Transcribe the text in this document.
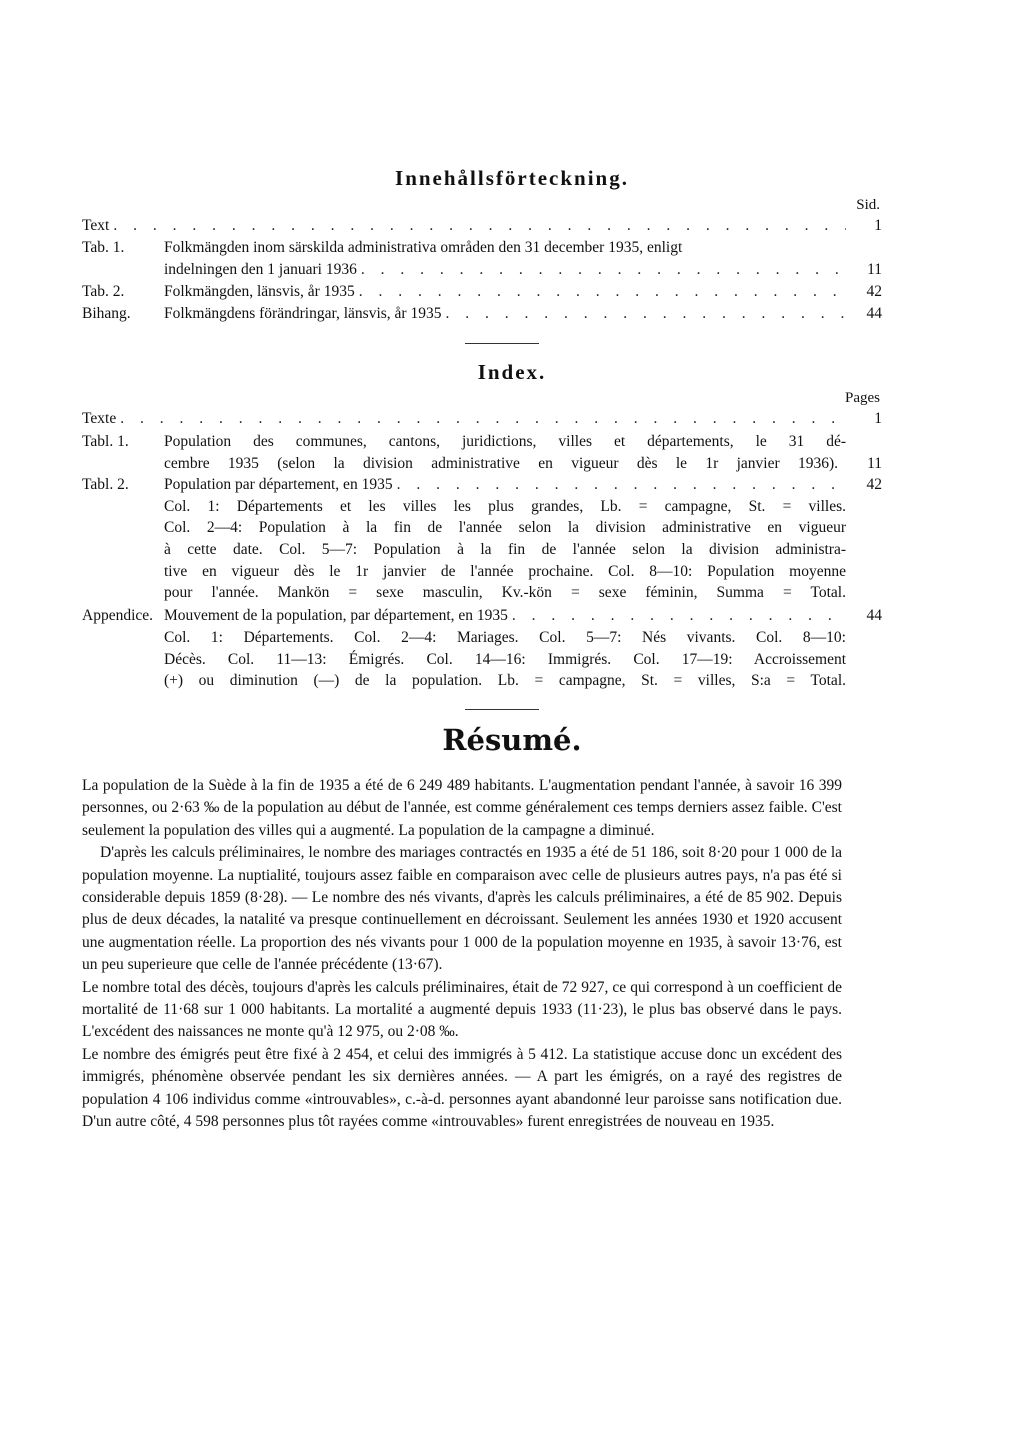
Innehållsförteckning.
Sid.
Text . . .	1
Tab. 1.	Folkmängden inom särskilda administrativa områden den 31 december 1935, enligt
indelningen den 1 januari 1936 . . .	11
Tab. 2.	Folkmängden, länsvis, år 1935 . . .	42
Bihang. Folkmängdens förändringar, länsvis, år 1935 . . .	44
Index.
Pages
Texte . . .	1
Tabl. 1. Population des communes, cantons, juridictions, villes et départements, le 31 dé-
cembre 1935 (selon la division administrative en vigueur dès le 1r janvier 1936).	11
Tabl. 2. Population par département, en 1935 . . .	42
Col. 1: Départements et les villes les plus grandes, Lb. = campagne, St. = villes.
Col. 2—4: Population à la fin de l'année selon la division administrative en vigueur
à cette date. Col. 5—7: Population à la fin de l'année selon la division administra-
tive en vigueur dès le 1r janvier de l'année prochaine. Col. 8—10: Population moyenne
pour l'année. Mankön = sexe masculin, Kv.-kön = sexe féminin, Summa = Total.
Appendice. Mouvement de la population, par département, en 1935 . . .	44
Col. 1: Départements. Col. 2—4: Mariages. Col. 5—7: Nés vivants. Col. 8—10:
Décès. Col. 11—13: Émigrés. Col. 14—16: Immigrés. Col. 17—19: Accroissement
(+) ou diminution (—) de la population. Lb. = campagne, St. = villes, S:a = Total.
Résumé.

La population de la Suède à la fin de 1935 a été de 6 249 489 habitants. L'augmentation pendant l'année, à savoir 16 399 personnes, ou 2·63 ‰ de la population au début de l'année, est comme généralement ces temps derniers assez faible. C'est seulement la population des villes qui a augmenté. La population de la campagne a diminué.

D'après les calculs préliminaires, le nombre des mariages contractés en 1935 a été de 51 186, soit 8·20 pour 1 000 de la population moyenne. La nuptialité, toujours assez faible en comparaison avec celle de plusieurs autres pays, n'a pas été si considerable depuis 1859 (8·28). — Le nombre des nés vivants, d'après les calculs préliminaires, a été de 85 902. Depuis plus de deux décades, la natalité va presque continuellement en décroissant. Seulement les années 1930 et 1920 accusent une augmentation réelle. La proportion des nés vivants pour 1 000 de la population moyenne en 1935, à savoir 13·76, est un peu superieure que celle de l'année précédente (13·67).

Le nombre total des décès, toujours d'après les calculs préliminaires, était de 72 927, ce qui correspond à un coefficient de mortalité de 11·68 sur 1 000 habitants. La mortalité a augmenté depuis 1933 (11·23), le plus bas observé dans le pays. L'excédent des naissances ne monte qu'à 12 975, ou 2·08 ‰.

Le nombre des émigrés peut être fixé à 2 454, et celui des immigrés à 5 412. La statistique accuse donc un excédent des immigrés, phénomène observée pendant les six dernières années. — A part les émigrés, on a rayé des registres de population 4 106 individus comme «introuvables», c.-à-d. personnes ayant abandonné leur paroisse sans notification due. D'un autre côté, 4 598 personnes plus tôt rayées comme «introuvables» furent enregistrées de nouveau en 1935.
